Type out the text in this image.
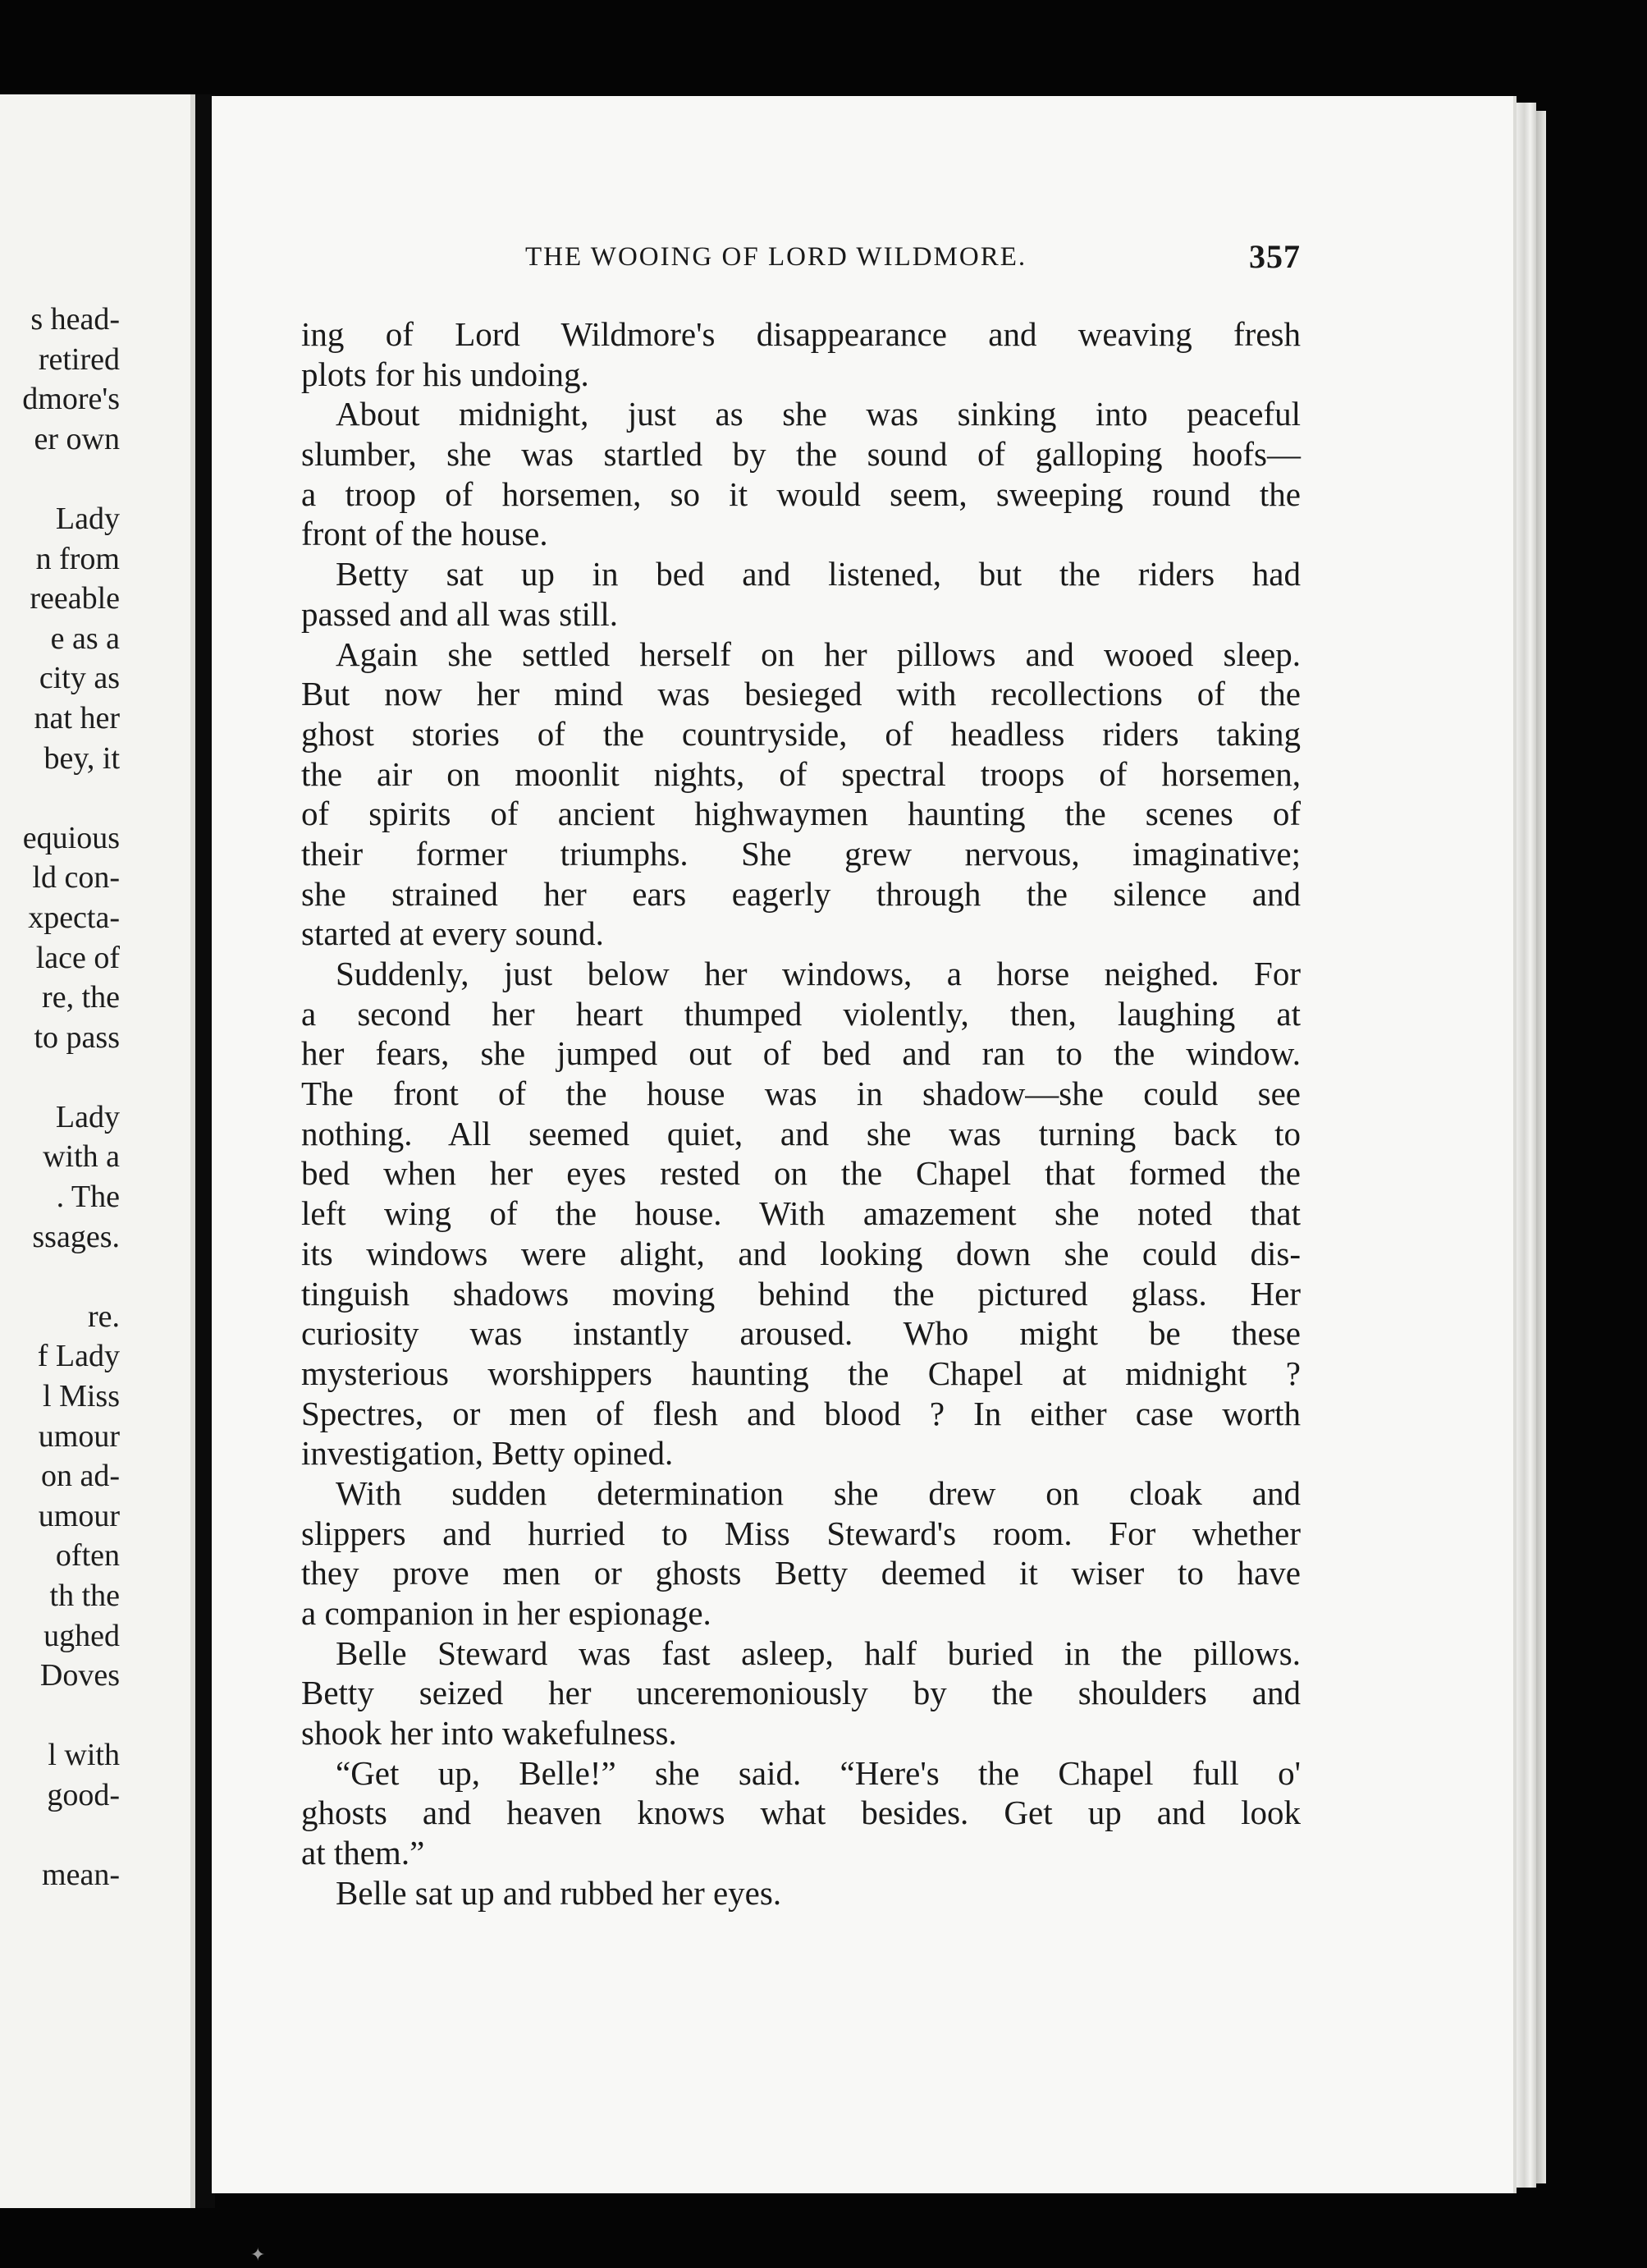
s head-
retired
dmore's
er own
Lady
n from
reeable
e as a
city as
nat her
bey, it
equious
ld con-
xpecta-
lace of
re, the
to pass
Lady
with a
. The
ssages.
re.
f Lady
l Miss
umour
on ad-
umour
often
th the
ughed
Doves
l with
good-
mean-
THE WOOING OF LORD WILDMORE.	357
ing of Lord Wildmore's disappearance and weaving fresh
plots for his undoing.
About midnight, just as she was sinking into peaceful
slumber, she was startled by the sound of galloping hoofs—
a troop of horsemen, so it would seem, sweeping round the
front of the house.
Betty sat up in bed and listened, but the riders had
passed and all was still.
Again she settled herself on her pillows and wooed sleep.
But now her mind was besieged with recollections of the
ghost stories of the countryside, of headless riders taking
the air on moonlit nights, of spectral troops of horsemen,
of spirits of ancient highwaymen haunting the scenes of
their former triumphs. She grew nervous, imaginative;
she strained her ears eagerly through the silence and
started at every sound.
Suddenly, just below her windows, a horse neighed. For
a second her heart thumped violently, then, laughing at
her fears, she jumped out of bed and ran to the window.
The front of the house was in shadow—she could see
nothing. All seemed quiet, and she was turning back to
bed when her eyes rested on the Chapel that formed the
left wing of the house. With amazement she noted that
its windows were alight, and looking down she could dis-
tinguish shadows moving behind the pictured glass. Her
curiosity was instantly aroused. Who might be these
mysterious worshippers haunting the Chapel at midnight ?
Spectres, or men of flesh and blood ? In either case worth
investigation, Betty opined.
With sudden determination she drew on cloak and
slippers and hurried to Miss Steward's room. For whether
they prove men or ghosts Betty deemed it wiser to have
a companion in her espionage.
Belle Steward was fast asleep, half buried in the pillows.
Betty seized her unceremoniously by the shoulders and
shook her into wakefulness.
“Get up, Belle!” she said. “Here's the Chapel full o'
ghosts and heaven knows what besides. Get up and look
at them.”
Belle sat up and rubbed her eyes.
✦
